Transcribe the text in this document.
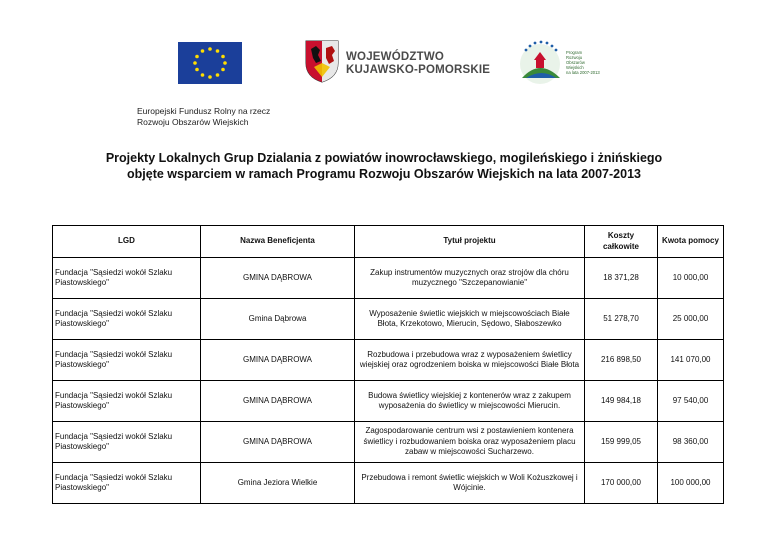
WOJEWÓDZTWO
KUJAWSKO-POMORSKIE
Program
Rozwoju
Obszarów
Wiejskich
na lata 2007-2013
Europejski Fundusz Rolny na rzecz
Rozwoju Obszarów Wiejskich
Projekty Lokalnych Grup Dzialania z powiatów inowrocławskiego, mogileńskiego i żnińskiego
objęte wsparciem w ramach Programu Rozwoju Obszarów Wiejskich na lata 2007-2013
LGD	Nazwa Beneficjenta	Tytuł projektu	Koszty całkowite	Kwota pomocy
Fundacja "Sąsiedzi wokół Szlaku Piastowskiego"	GMINA DĄBROWA	Zakup instrumentów muzycznych oraz strojów dla chóru muzycznego "Szczepanowianie"	18 371,28	10 000,00
Fundacja "Sąsiedzi wokół Szlaku Piastowskiego"	Gmina Dąbrowa	Wyposażenie świetlic wiejskich w miejscowościach Białe Błota, Krzekotowo, Mierucin, Sędowo, Słaboszewko	51 278,70	25 000,00
Fundacja "Sąsiedzi wokół Szlaku Piastowskiego"	GMINA DĄBROWA	Rozbudowa i przebudowa wraz z wyposażeniem świetlicy wiejskiej oraz ogrodzeniem boiska w miejscowości Białe Błota	216 898,50	141 070,00
Fundacja "Sąsiedzi wokół Szlaku Piastowskiego"	GMINA DĄBROWA	Budowa świetlicy wiejskiej z kontenerów wraz z zakupem wyposażenia do świetlicy w miejscowości Mierucin.	149 984,18	97 540,00
Fundacja "Sąsiedzi wokół Szlaku Piastowskiego"	GMINA DĄBROWA	Zagospodarowanie centrum wsi z postawieniem kontenera świetlicy i rozbudowaniem boiska oraz wyposażeniem placu zabaw w miejscowości Sucharzewo.	159 999,05	98 360,00
Fundacja "Sąsiedzi wokół Szlaku Piastowskiego"	Gmina Jeziora Wielkie	Przebudowa i remont świetlic wiejskich w Woli Kożuszkowej i Wójcinie.	170 000,00	100 000,00
